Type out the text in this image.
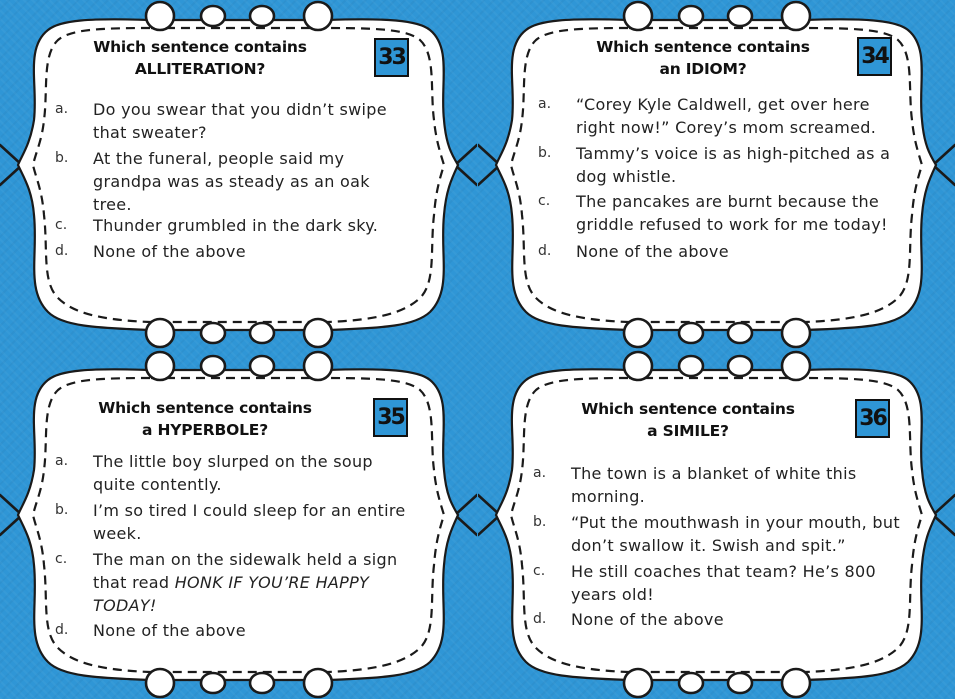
Which sentence contains
ALLITERATION?	33
a. Do you swear that you didn’t swipe
that sweater?
b. At the funeral, people said my
grandpa was as steady as an oak
tree.
c. Thunder grumbled in the dark sky.
d. None of the above
Which sentence contains
an IDIOM?	34
a. “Corey Kyle Caldwell, get over here
right now!” Corey’s mom screamed.
b. Tammy’s voice is as high-pitched as a
dog whistle.
c. The pancakes are burnt because the
griddle refused to work for me today!
d. None of the above
Which sentence contains
a HYPERBOLE?	35
a. The little boy slurped on the soup
quite contently.
b. I’m so tired I could sleep for an entire
week.
c. The man on the sidewalk held a sign
that read HONK IF YOU’RE HAPPY
TODAY!
d. None of the above
Which sentence contains
a SIMILE?	36
a. The town is a blanket of white this
morning.
b. “Put the mouthwash in your mouth, but
don’t swallow it. Swish and spit.”
c. He still coaches that team? He’s 800
years old!
d. None of the above
